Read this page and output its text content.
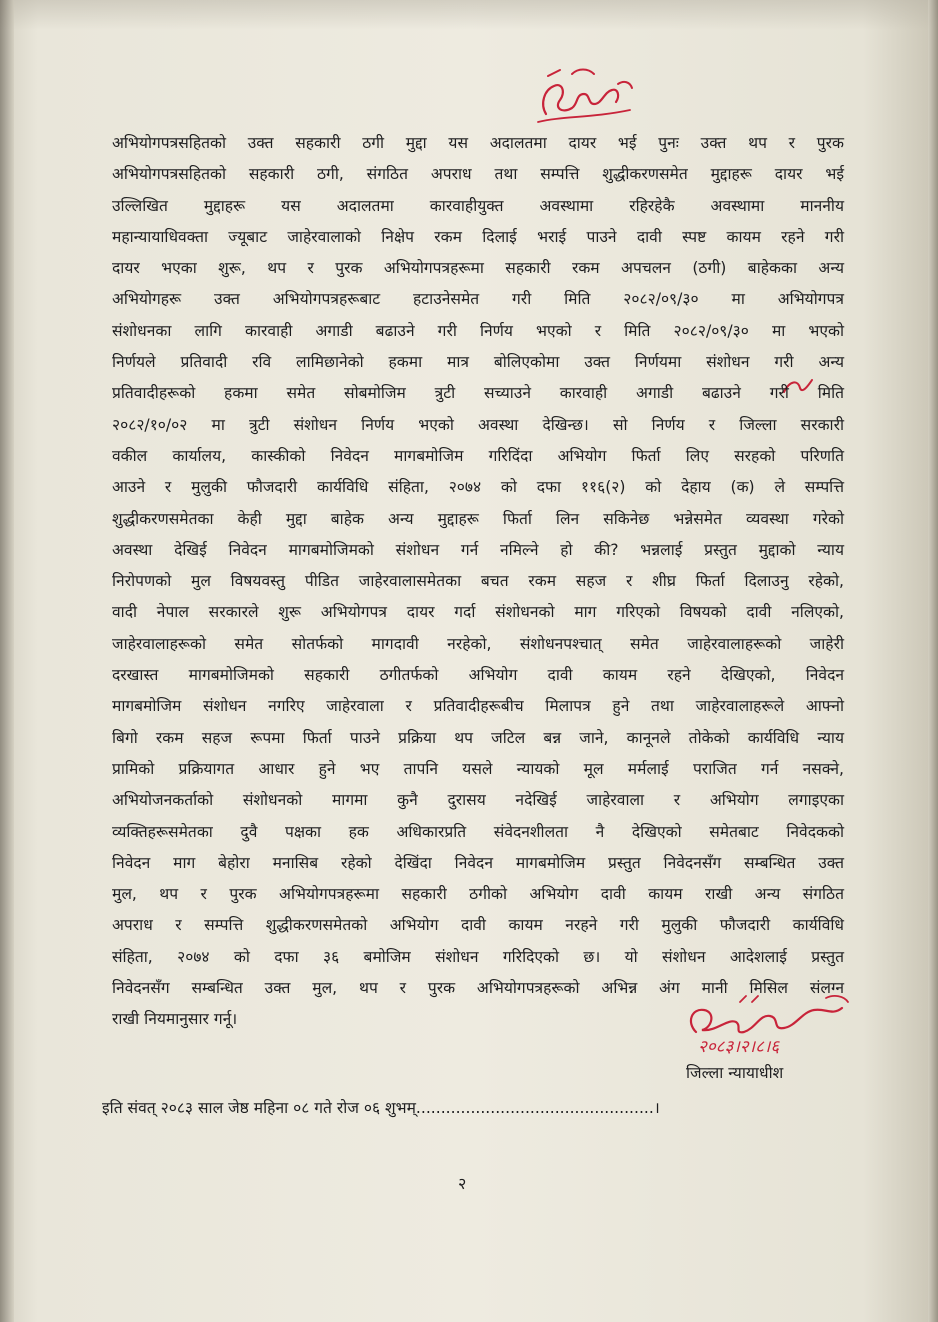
अभियोगपत्रसहितको उक्त सहकारी ठगी मुद्दा यस अदालतमा दायर भई पुनः उक्त थप र पुरक
अभियोगपत्रसहितको सहकारी ठगी, संगठित अपराध तथा सम्पत्ति शुद्धीकरणसमेत मुद्दाहरू दायर भई
उल्लिखित मुद्दाहरू यस अदालतमा कारवाहीयुक्त अवस्थामा रहिरहेकै अवस्थामा माननीय
महान्यायाधिवक्ता ज्यूबाट जाहेरवालाको निक्षेप रकम दिलाई भराई पाउने दावी स्पष्ट कायम रहने गरी
दायर भएका शुरू, थप र पुरक अभियोगपत्रहरूमा सहकारी रकम अपचलन (ठगी) बाहेकका अन्य
अभियोगहरू उक्त अभियोगपत्रहरूबाट हटाउनेसमेत गरी मिति २०८२/०९/३० मा अभियोगपत्र
संशोधनका लागि कारवाही अगाडी बढाउने गरी निर्णय भएको र मिति २०८२/०९/३० मा भएको
निर्णयले प्रतिवादी रवि लामिछानेको हकमा मात्र बोलिएकोमा उक्त निर्णयमा संशोधन गरी अन्य
प्रतिवादीहरूको हकमा समेत सोबमोजिम त्रुटी सच्याउने कारवाही अगाडी बढाउने गरी मिति
२०८२/१०/०२ मा त्रुटी संशोधन निर्णय भएको अवस्था देखिन्छ। सो निर्णय र जिल्ला सरकारी
वकील कार्यालय, कास्कीको निवेदन मागबमोजिम गरिदिंदा अभियोग फिर्ता लिए सरहको परिणति
आउने र मुलुकी फौजदारी कार्यविधि संहिता, २०७४ को दफा ११६(२) को देहाय (क) ले सम्पत्ति
शुद्धीकरणसमेतका केही मुद्दा बाहेक अन्य मुद्दाहरू फिर्ता लिन सकिनेछ भन्नेसमेत व्यवस्था गरेको
अवस्था देखिई निवेदन मागबमोजिमको संशोधन गर्न नमिल्ने हो की? भन्नलाई प्रस्तुत मुद्दाको न्याय
निरोपणको मुल विषयवस्तु पीडित जाहेरवालासमेतका बचत रकम सहज र शीघ्र फिर्ता दिलाउनु रहेको,
वादी नेपाल सरकारले शुरू अभियोगपत्र दायर गर्दा संशोधनको माग गरिएको विषयको दावी नलिएको,
जाहेरवालाहरूको समेत सोतर्फको मागदावी नरहेको, संशोधनपश्चात् समेत जाहेरवालाहरूको जाहेरी
दरखास्त मागबमोजिमको सहकारी ठगीतर्फको अभियोग दावी कायम रहने देखिएको, निवेदन
मागबमोजिम संशोधन नगरिए जाहेरवाला र प्रतिवादीहरूबीच मिलापत्र हुने तथा जाहेरवालाहरूले आफ्नो
बिगो रकम सहज रूपमा फिर्ता पाउने प्रक्रिया थप जटिल बन्न जाने, कानूनले तोकेको कार्यविधि न्याय
प्रामिको प्रक्रियागत आधार हुने भए तापनि यसले न्यायको मूल मर्मलाई पराजित गर्न नसक्ने,
अभियोजनकर्ताको संशोधनको मागमा कुनै दुरासय नदेखिई जाहेरवाला र अभियोग लगाइएका
व्यक्तिहरूसमेतका दुवै पक्षका हक अधिकारप्रति संवेदनशीलता नै देखिएको समेतबाट निवेदकको
निवेदन माग बेहोरा मनासिब रहेको देखिंदा निवेदन मागबमोजिम प्रस्तुत निवेदनसँग सम्बन्धित उक्त
मुल, थप र पुरक अभियोगपत्रहरूमा सहकारी ठगीको अभियोग दावी कायम राखी अन्य संगठित
अपराध र सम्पत्ति शुद्धीकरणसमेतको अभियोग दावी कायम नरहने गरी मुलुकी फौजदारी कार्यविधि
संहिता, २०७४ को दफा ३६ बमोजिम संशोधन गरिदिएको छ। यो संशोधन आदेशलाई प्रस्तुत
निवेदनसँग सम्बन्धित उक्त मुल, थप र पुरक अभियोगपत्रहरूको अभिन्न अंग मानी मिसिल संलग्न
राखी नियमानुसार गर्नू।
२०८३।२।८।६
जिल्ला न्यायाधीश
इति संवत् २०८३ साल जेष्ठ महिना ०८ गते रोज ०६ शुभम्................................................।
२
